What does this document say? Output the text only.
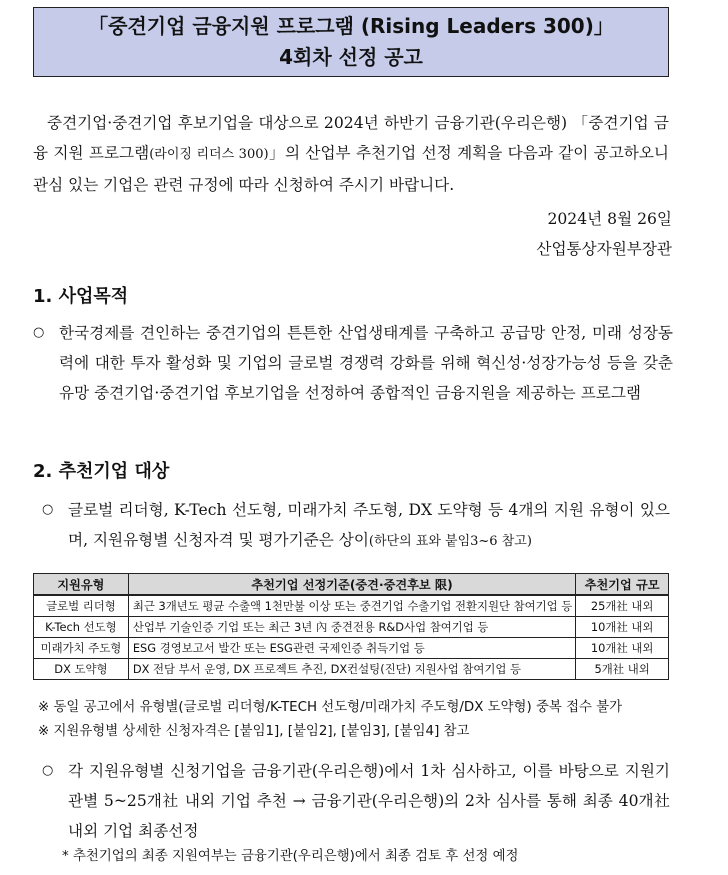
「중견기업 금융지원 프로그램 (Rising Leaders 300)」
4회차 선정 공고

중견기업·중견기업 후보기업을 대상으로 2024년 하반기 금융기관(우리은행) 「중견기업 금융 지원 프로그램(라이징 리더스 300)」의 산업부 추천기업 선정 계획을 다음과 같이 공고하오니 관심 있는 기업은 관련 규정에 따라 신청하여 주시기 바랍니다.

2024년 8월 26일
산업통상자원부장관
1. 사업목적
○ 한국경제를 견인하는 중견기업의 튼튼한 산업생태계를 구축하고 공급망 안정, 미래 성장동력에 대한 투자 활성화 및 기업의 글로벌 경쟁력 강화를 위해 혁신성·성장가능성 등을 갖춘 유망 중견기업·중견기업 후보기업을 선정하여 종합적인 금융지원을 제공하는 프로그램
2. 추천기업 대상
○ 글로벌 리더형, K-Tech 선도형, 미래가치 주도형, DX 도약형 등 4개의 지원 유형이 있으며, 지원유형별 신청자격 및 평가기준은 상이(하단의 표와 붙임3~6 참고)
지원유형	추천기업 선정기준(중견·중견후보 限)	추천기업 규모
글로벌 리더형	최근 3개년도 평균 수출액 1천만불 이상 또는 중견기업 수출기업 전환지원단 참여기업 등	25개社 내외
K-Tech 선도형	산업부 기술인증 기업 또는 최근 3년 內 중견전용 R&D사업 참여기업 등	10개社 내외
미래가치 주도형	ESG 경영보고서 발간 또는 ESG관련 국제인증 취득기업 등	10개社 내외
DX 도약형	DX 전담 부서 운영, DX 프로젝트 추진, DX컨설팅(진단) 지원사업 참여기업 등	5개社 내외
※ 동일 공고에서 유형별(글로벌 리더형/K-TECH 선도형/미래가치 주도형/DX 도약형) 중복 접수 불가
※ 지원유형별 상세한 신청자격은 [붙임1], [붙임2], [붙임3], [붙임4] 참고
○ 각 지원유형별 신청기업을 금융기관(우리은행)에서 1차 심사하고, 이를 바탕으로 지원기관별 5~25개社 내외 기업 추천 → 금융기관(우리은행)의 2차 심사를 통해 최종 40개社 내외 기업 최종선정
* 추천기업의 최종 지원여부는 금융기관(우리은행)에서 최종 검토 후 선정 예정
